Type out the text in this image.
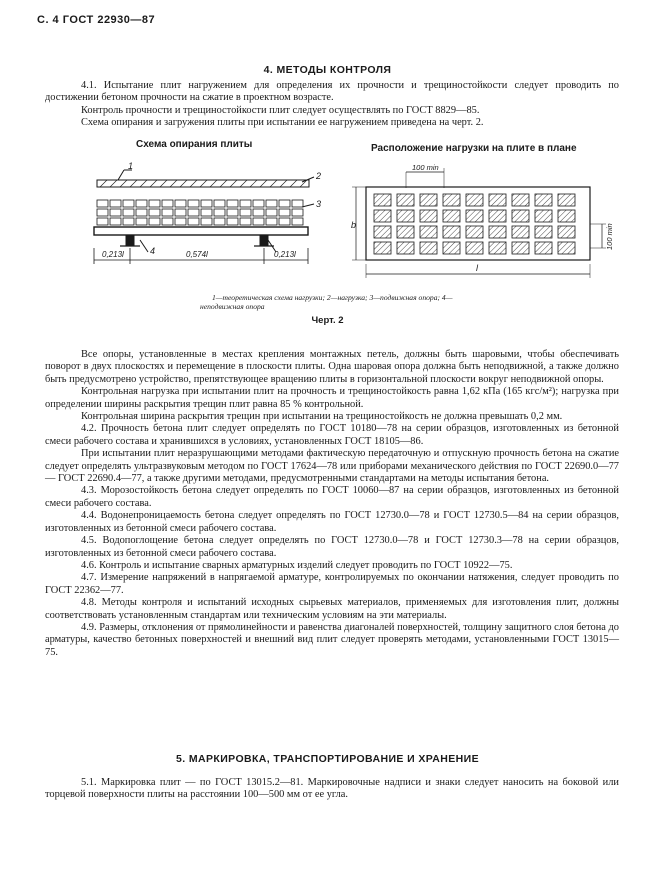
С. 4 ГОСТ 22930—87
4. МЕТОДЫ КОНТРОЛЯ

4.1. Испытание плит нагружением для определения их прочности и трещиностойкости следует проводить по достижении бетоном прочности на сжатие в проектном возрасте.

Контроль прочности и трещиностойкости плит следует осуществлять по ГОСТ 8829—85.

Схема опирания и загружения плиты при испытании ее нагружением приведена на черт. 2.

Схема опирания плиты	Расположение нагрузки на плите в плане
1
2
3
4
0,213l	0,574l	0,213l
100 min
100 min
b
l
1—теоретическая схема нагрузки; 2—нагрузка; 3—подвижная опора; 4—неподвижная опора
Черт. 2

Все опоры, установленные в местах крепления монтажных петель, должны быть шаровыми, чтобы обеспечивать поворот в двух плоскостях и перемещение в плоскости плиты. Одна шаровая опора должна быть неподвижной, а также должно быть предусмотрено устройство, препятствующее вращению плиты в горизонтальной плоскости вокруг неподвижной опоры.

Контрольная нагрузка при испытании плит на прочность и трещиностойкость равна 1,62 кПа (165 кгс/м²); нагрузка при определении ширины раскрытия трещин плит равна 85 % контрольной.

Контрольная ширина раскрытия трещин при испытании на трещиностойкость не должна превышать 0,2 мм.

4.2. Прочность бетона плит следует определять по ГОСТ 10180—78 на серии образцов, изготовленных из бетонной смеси рабочего состава и хранившихся в условиях, установленных ГОСТ 18105—86.

При испытании плит неразрушающими методами фактическую передаточную и отпускную прочность бетона на сжатие следует определять ультразвуковым методом по ГОСТ 17624—78 или приборами механического действия по ГОСТ 22690.0—77 — ГОСТ 22690.4—77, а также другими методами, предусмотренными стандартами на методы испытания бетона.

4.3. Морозостойкость бетона следует определять по ГОСТ 10060—87 на серии образцов, изготовленных из бетонной смеси рабочего состава.

4.4. Водонепроницаемость бетона следует определять по ГОСТ 12730.0—78 и ГОСТ 12730.5—84 на серии образцов, изготовленных из бетонной смеси рабочего состава.

4.5. Водопоглощение бетона следует определять по ГОСТ 12730.0—78 и ГОСТ 12730.3—78 на серии образцов, изготовленных из бетонной смеси рабочего состава.

4.6. Контроль и испытание сварных арматурных изделий следует проводить по ГОСТ 10922—75.

4.7. Измерение напряжений в напрягаемой арматуре, контролируемых по окончании натяжения, следует проводить по ГОСТ 22362—77.

4.8. Методы контроля и испытаний исходных сырьевых материалов, применяемых для изготовления плит, должны соответствовать установленным стандартам или техническим условиям на эти материалы.

4.9. Размеры, отклонения от прямолинейности и равенства диагоналей поверхностей, толщину защитного слоя бетона до арматуры, качество бетонных поверхностей и внешний вид плит следует проверять методами, установленными ГОСТ 13015—75.

5. МАРКИРОВКА, ТРАНСПОРТИРОВАНИЕ И ХРАНЕНИЕ

5.1. Маркировка плит — по ГОСТ 13015.2—81. Маркировочные надписи и знаки следует наносить на боковой или торцевой поверхности плиты на расстоянии 100—500 мм от ее угла.
